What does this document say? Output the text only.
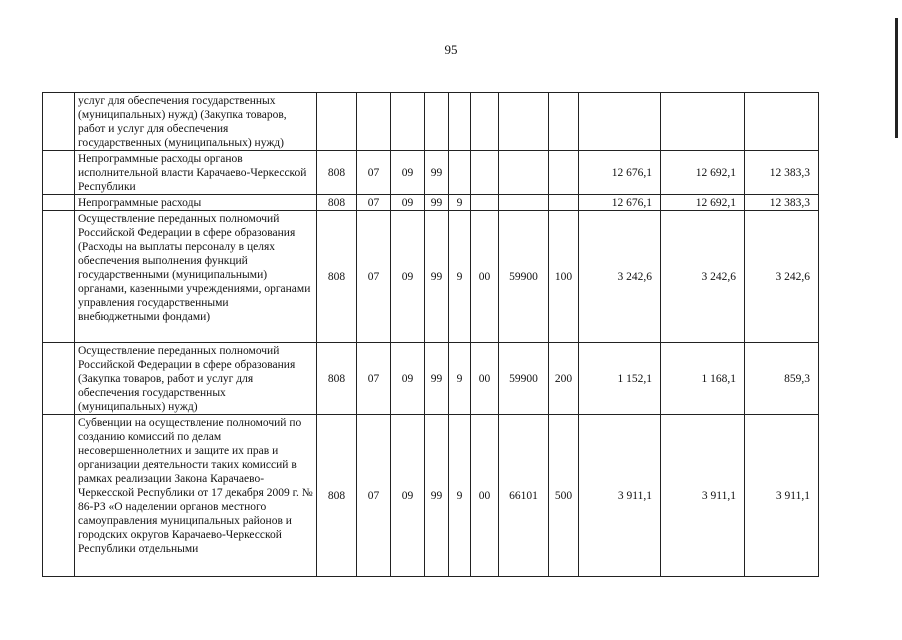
95
	услуг для обеспечения государственных (муниципальных) нужд) (Закупка товаров, работ и услуг для обеспечения государственных (муниципальных) нужд)											
	Непрограммные расходы органов исполнительной власти Карачаево-Черкесской Республики	808	07	09	99					12 676,1	12 692,1	12 383,3
	Непрограммные расходы	808	07	09	99	9				12 676,1	12 692,1	12 383,3
	Осуществление переданных полномочий Российской Федерации в сфере образования (Расходы на выплаты персоналу в целях обеспечения выполнения функций государственными (муниципальными) органами, казенными учреждениями, органами управления государственными внебюджетными фондами)	808	07	09	99	9	00	59900	100	3 242,6	3 242,6	3 242,6
	Осуществление переданных полномочий Российской Федерации в сфере образования (Закупка товаров, работ и услуг для обеспечения государственных (муниципальных) нужд)	808	07	09	99	9	00	59900	200	1 152,1	1 168,1	859,3
	Субвенции на осуществление полномочий по созданию комиссий по делам несовершеннолетних и защите их прав и организации деятельности таких комиссий в рамках реализации Закона Карачаево-Черкесской Республики от 17 декабря 2009 г. № 86-РЗ «О наделении органов местного самоуправления муниципальных районов и городских округов Карачаево-Черкесской Республики отдельными	808	07	09	99	9	00	66101	500	3 911,1	3 911,1	3 911,1
